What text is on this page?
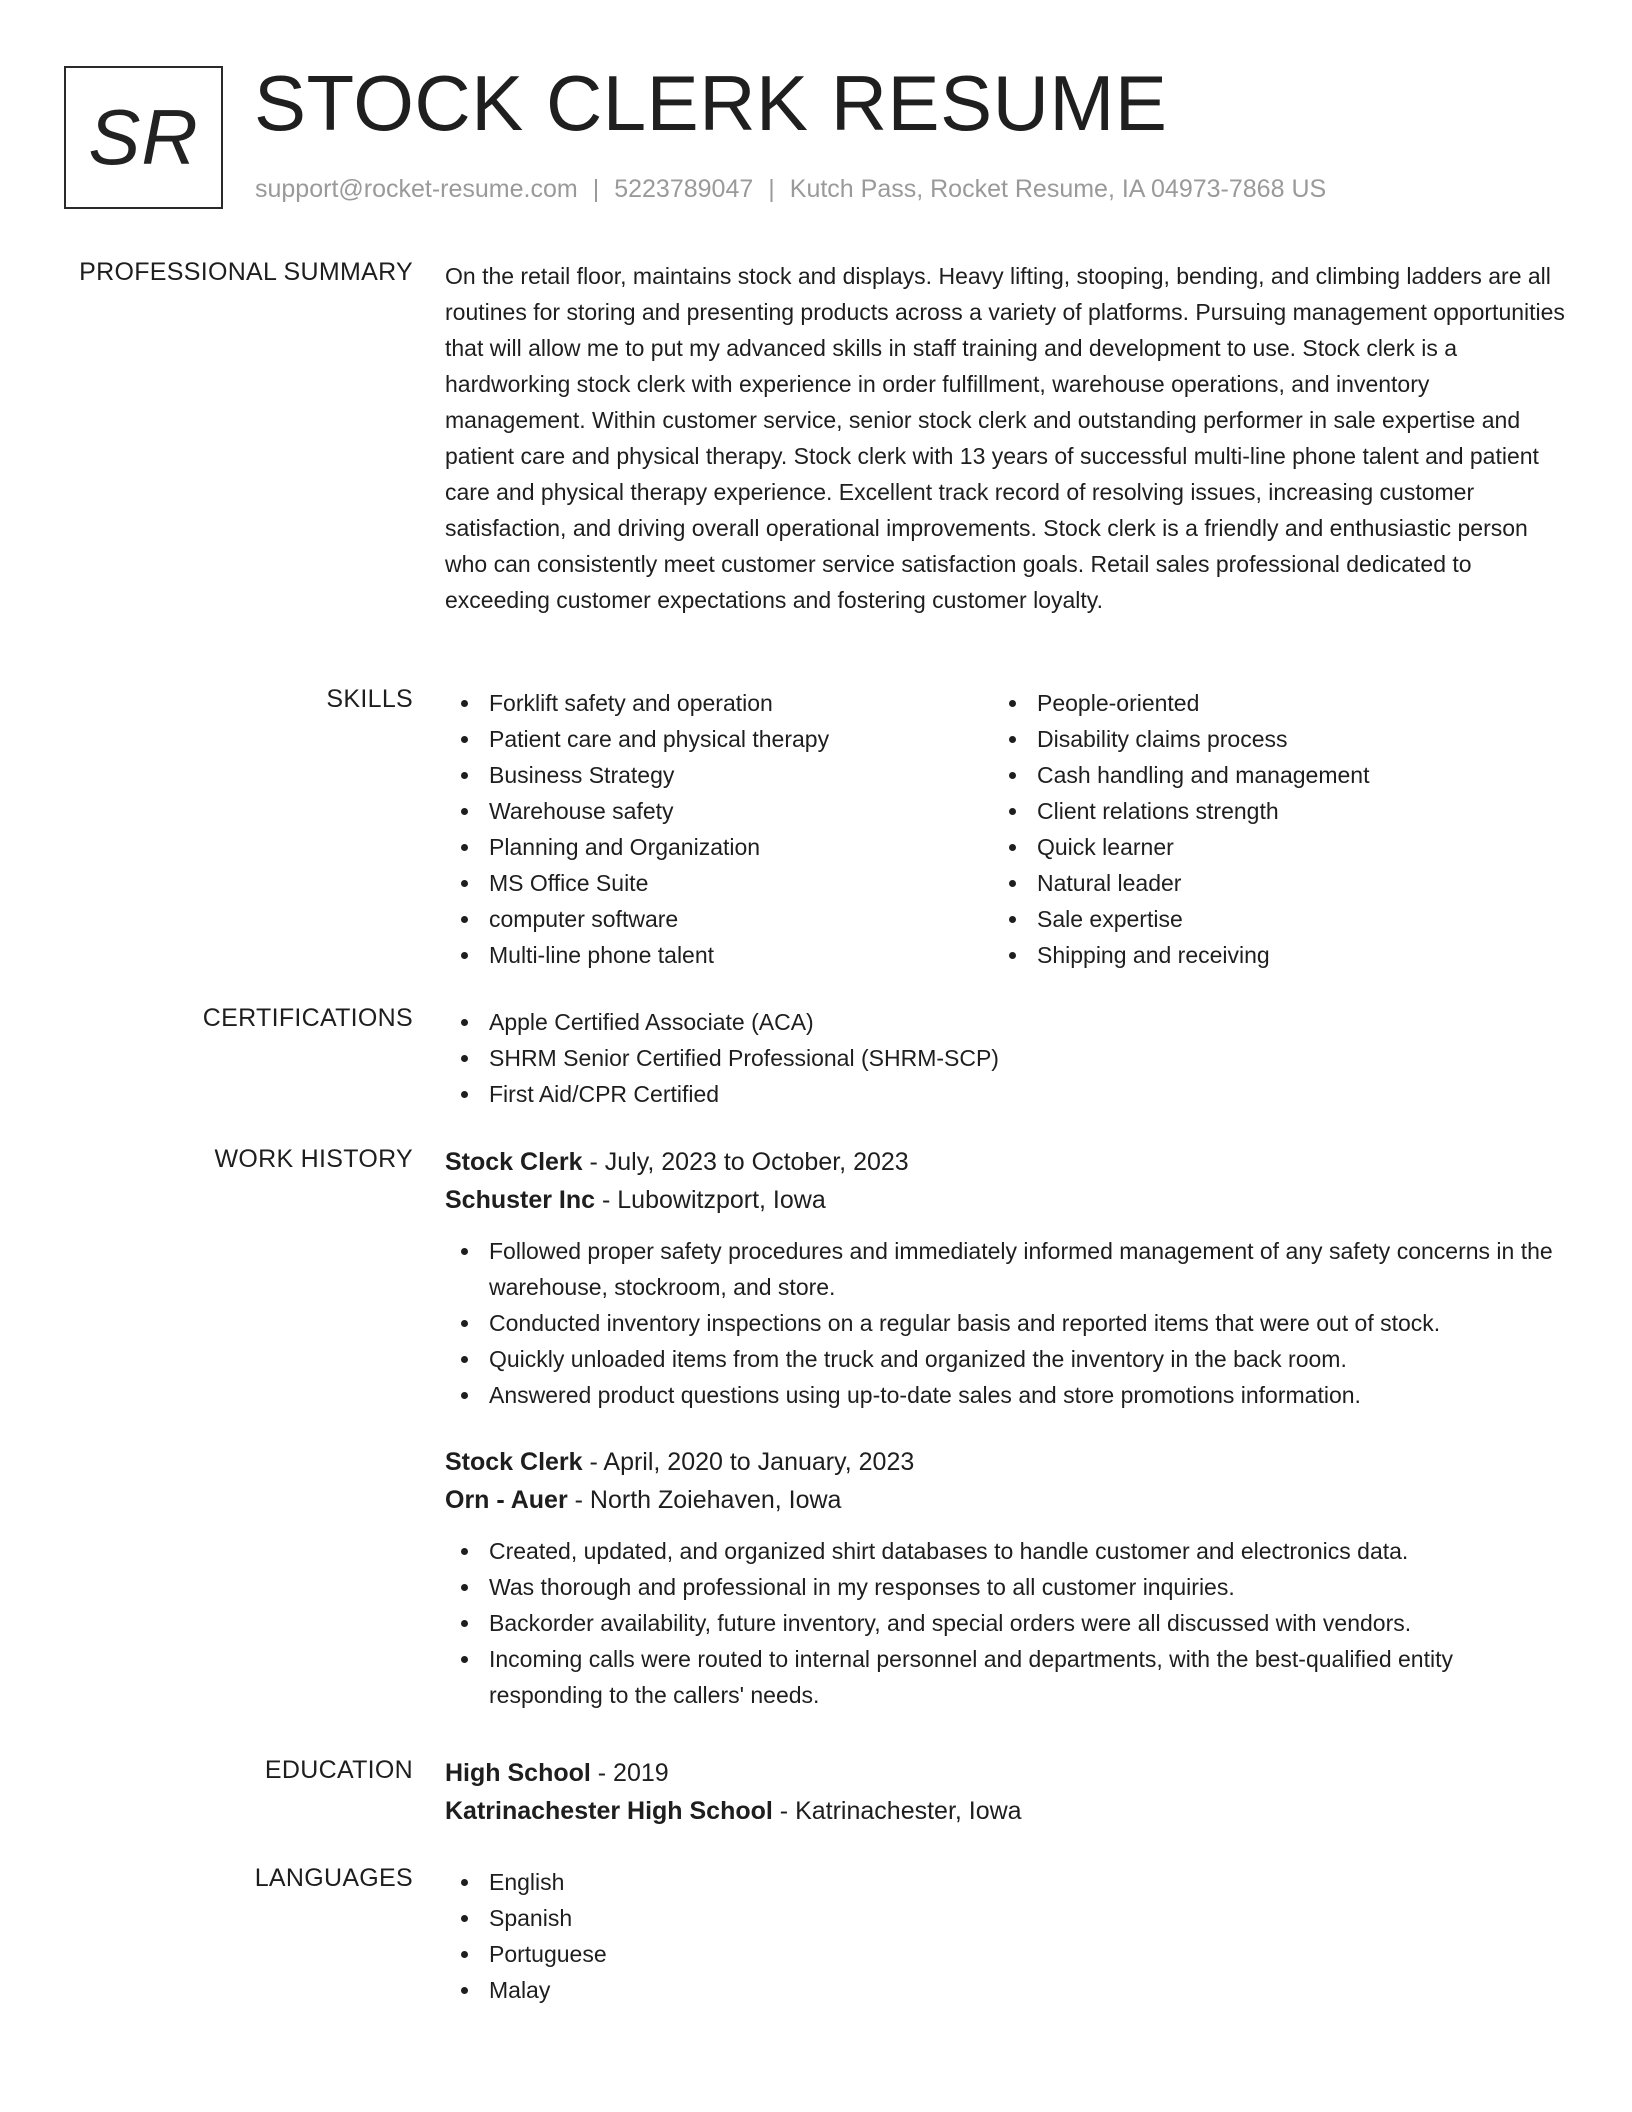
SR STOCK CLERK RESUME
support@rocket-resume.com | 5223789047 | Kutch Pass, Rocket Resume, IA 04973-7868 US
PROFESSIONAL SUMMARY On the retail floor, maintains stock and displays. Heavy lifting, stooping, bending, and climbing ladders are all routines for storing and presenting products across a variety of platforms. Pursuing management opportunities that will allow me to put my advanced skills in staff training and development to use. Stock clerk is a hardworking stock clerk with experience in order fulfillment, warehouse operations, and inventory management. Within customer service, senior stock clerk and outstanding performer in sale expertise and patient care and physical therapy. Stock clerk with 13 years of successful multi-line phone talent and patient care and physical therapy experience. Excellent track record of resolving issues, increasing customer satisfaction, and driving overall operational improvements. Stock clerk is a friendly and enthusiastic person who can consistently meet customer service satisfaction goals. Retail sales professional dedicated to exceeding customer expectations and fostering customer loyalty.

SKILLS	Forklift safety and operation
Patient care and physical therapy
Business Strategy
Warehouse safety
Planning and Organization
MS Office Suite
computer software
Multi-line phone talent
People-oriented
Disability claims process
Cash handling and management
Client relations strength
Quick learner
Natural leader
Sale expertise
Shipping and receiving
CERTIFICATIONS	Apple Certified Associate (ACA)
SHRM Senior Certified Professional (SHRM-SCP)
First Aid/CPR Certified
WORK HISTORY Stock Clerk - July, 2023 to October, 2023
Schuster Inc - Lubowitzport, Iowa
Followed proper safety procedures and immediately informed management of any safety concerns in the warehouse, stockroom, and store.
Conducted inventory inspections on a regular basis and reported items that were out of stock.
Quickly unloaded items from the truck and organized the inventory in the back room.
Answered product questions using up-to-date sales and store promotions information.
Stock Clerk - April, 2020 to January, 2023
Orn - Auer - North Zoiehaven, Iowa
Created, updated, and organized shirt databases to handle customer and electronics data.
Was thorough and professional in my responses to all customer inquiries.
Backorder availability, future inventory, and special orders were all discussed with vendors.
Incoming calls were routed to internal personnel and departments, with the best-qualified entity responding to the callers' needs.
EDUCATION High School - 2019
Katrinachester High School - Katrinachester, Iowa
LANGUAGES	English
Spanish
Portuguese
Malay
